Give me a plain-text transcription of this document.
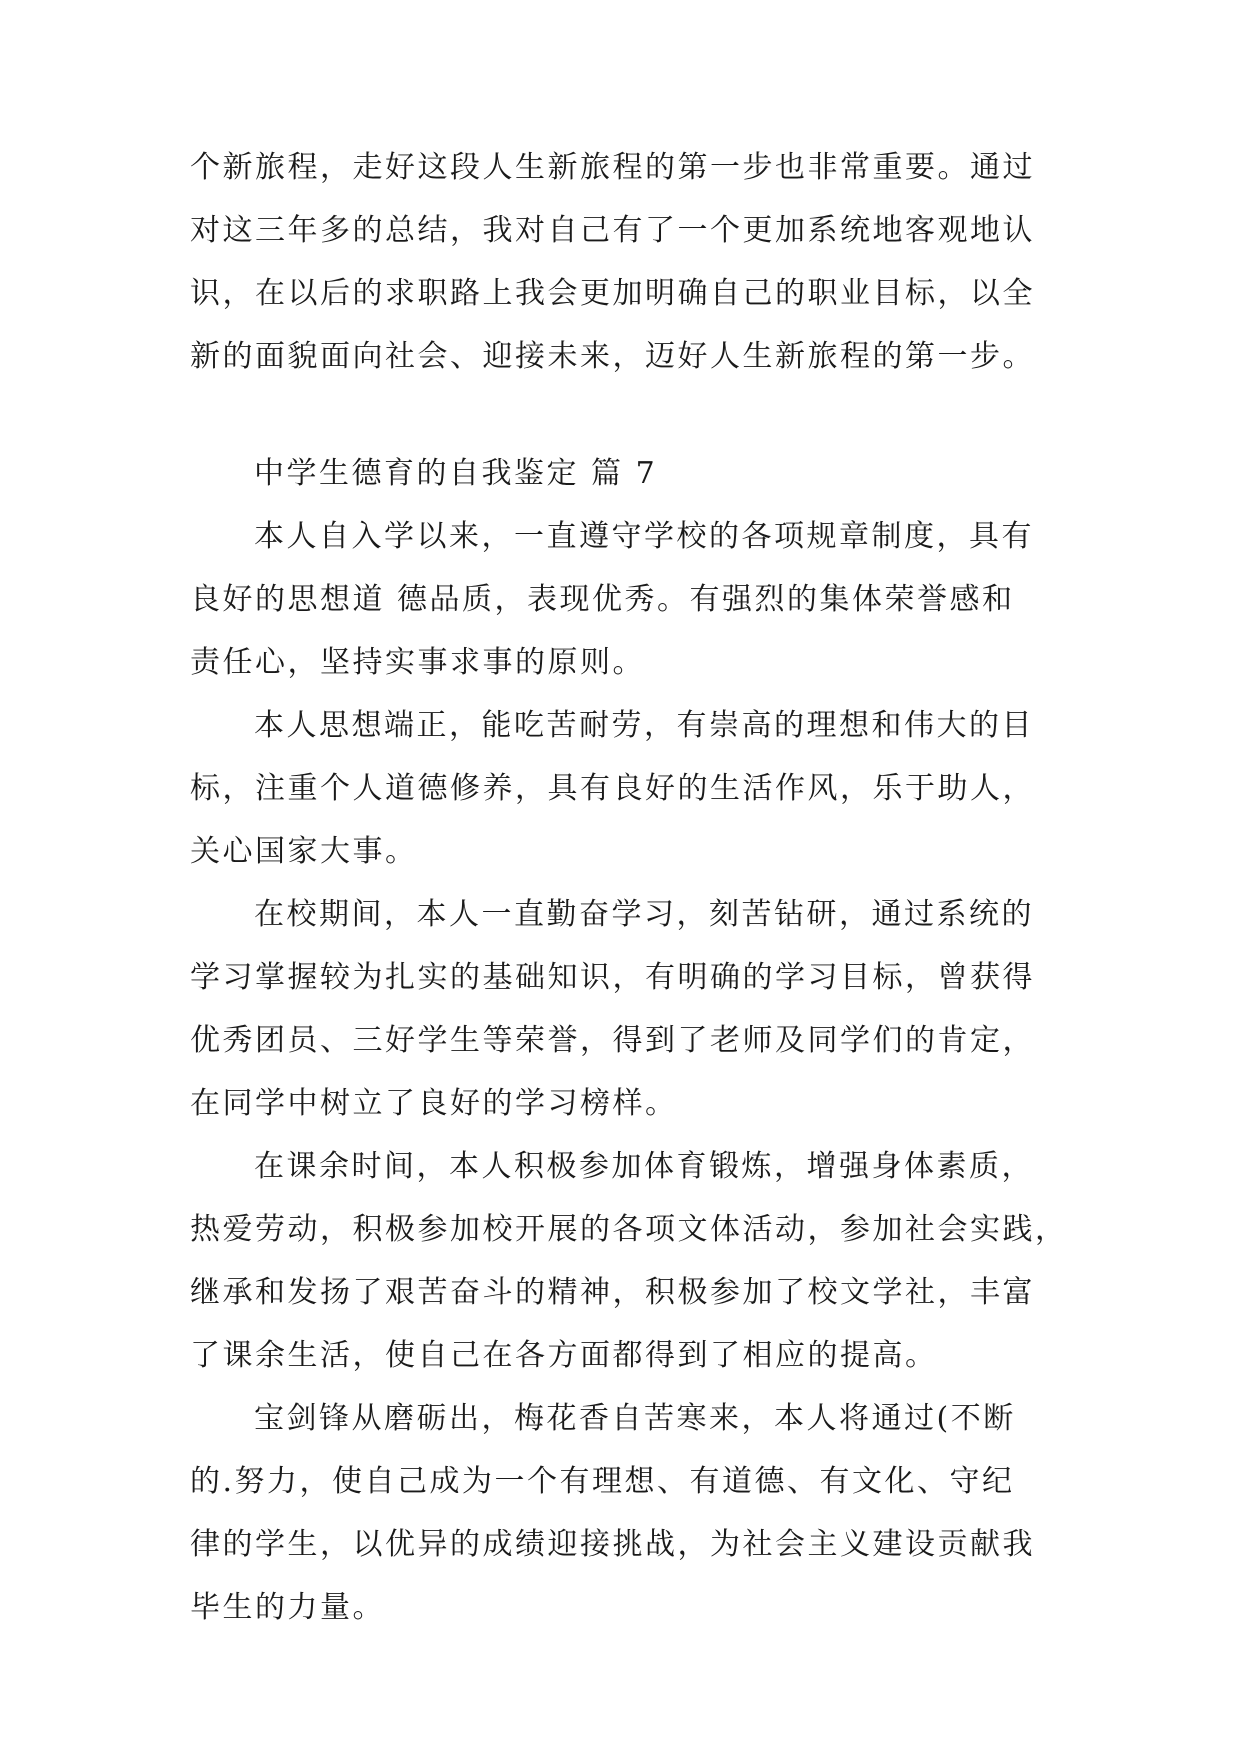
个新旅程，走好这段人生新旅程的第一步也非常重要。通过
对这三年多的总结，我对自己有了一个更加系统地客观地认
识，在以后的求职路上我会更加明确自己的职业目标，以全
新的面貌面向社会、迎接未来，迈好人生新旅程的第一步。
中学生德育的自我鉴定 篇 7
本人自入学以来，一直遵守学校的各项规章制度，具有
良好的思想道 德品质，表现优秀。有强烈的集体荣誉感和
责任心，坚持实事求事的原则。
本人思想端正，能吃苦耐劳，有崇高的理想和伟大的目
标，注重个人道德修养，具有良好的生活作风，乐于助人，
关心国家大事。
在校期间，本人一直勤奋学习，刻苦钻研，通过系统的
学习掌握较为扎实的基础知识，有明确的学习目标，曾获得
优秀团员、三好学生等荣誉，得到了老师及同学们的肯定，
在同学中树立了良好的学习榜样。
在课余时间，本人积极参加体育锻炼，增强身体素质，
热爱劳动，积极参加校开展的各项文体活动，参加社会实践，
继承和发扬了艰苦奋斗的精神，积极参加了校文学社，丰富
了课余生活，使自己在各方面都得到了相应的提高。
宝剑锋从磨砺出，梅花香自苦寒来，本人将通过(不断
的.努力，使自己成为一个有理想、有道德、有文化、守纪
律的学生，以优异的成绩迎接挑战，为社会主义建设贡献我
毕生的力量。
